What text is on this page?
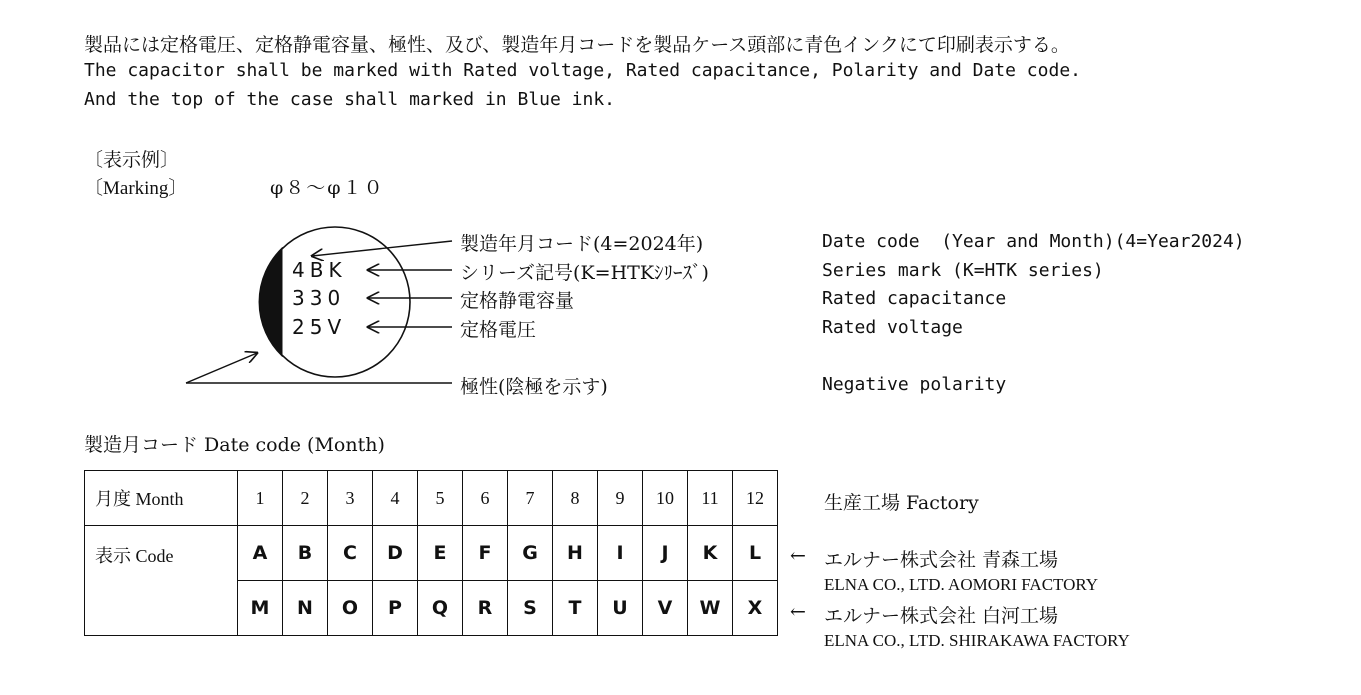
製品には定格電圧、定格静電容量、極性、及び、製造年月コードを製品ケース頭部に青色インクにて印刷表示する。
The capacitor shall be marked with Rated voltage, Rated capacitance, Polarity and Date code.
And the top of the case shall marked in Blue ink.
〔表示例〕
〔Marking〕	φ８～φ１０
4BK
330
25V
製造年月コード(4=2024年)
シリーズ記号(K=HTKｼﾘｰｽﾞ)
定格静電容量
定格電圧
極性(陰極を示す)
Date code  (Year and Month)(4=Year2024)
Series mark (K=HTK series)
Rated capacitance
Rated voltage
Negative polarity
製造月コード Date code (Month)
月度 Month	1	2	3	4	5	6	7	8	9	10	11	12
表示 Code	A	B	C	D	E	F	G	H	I	J	K	L
	M	N	O	P	Q	R	S	T	U	V	W	X
生産工場 Factory
← エルナー株式会社 青森工場
ELNA CO., LTD. AOMORI FACTORY
← エルナー株式会社 白河工場
ELNA CO., LTD. SHIRAKAWA FACTORY
